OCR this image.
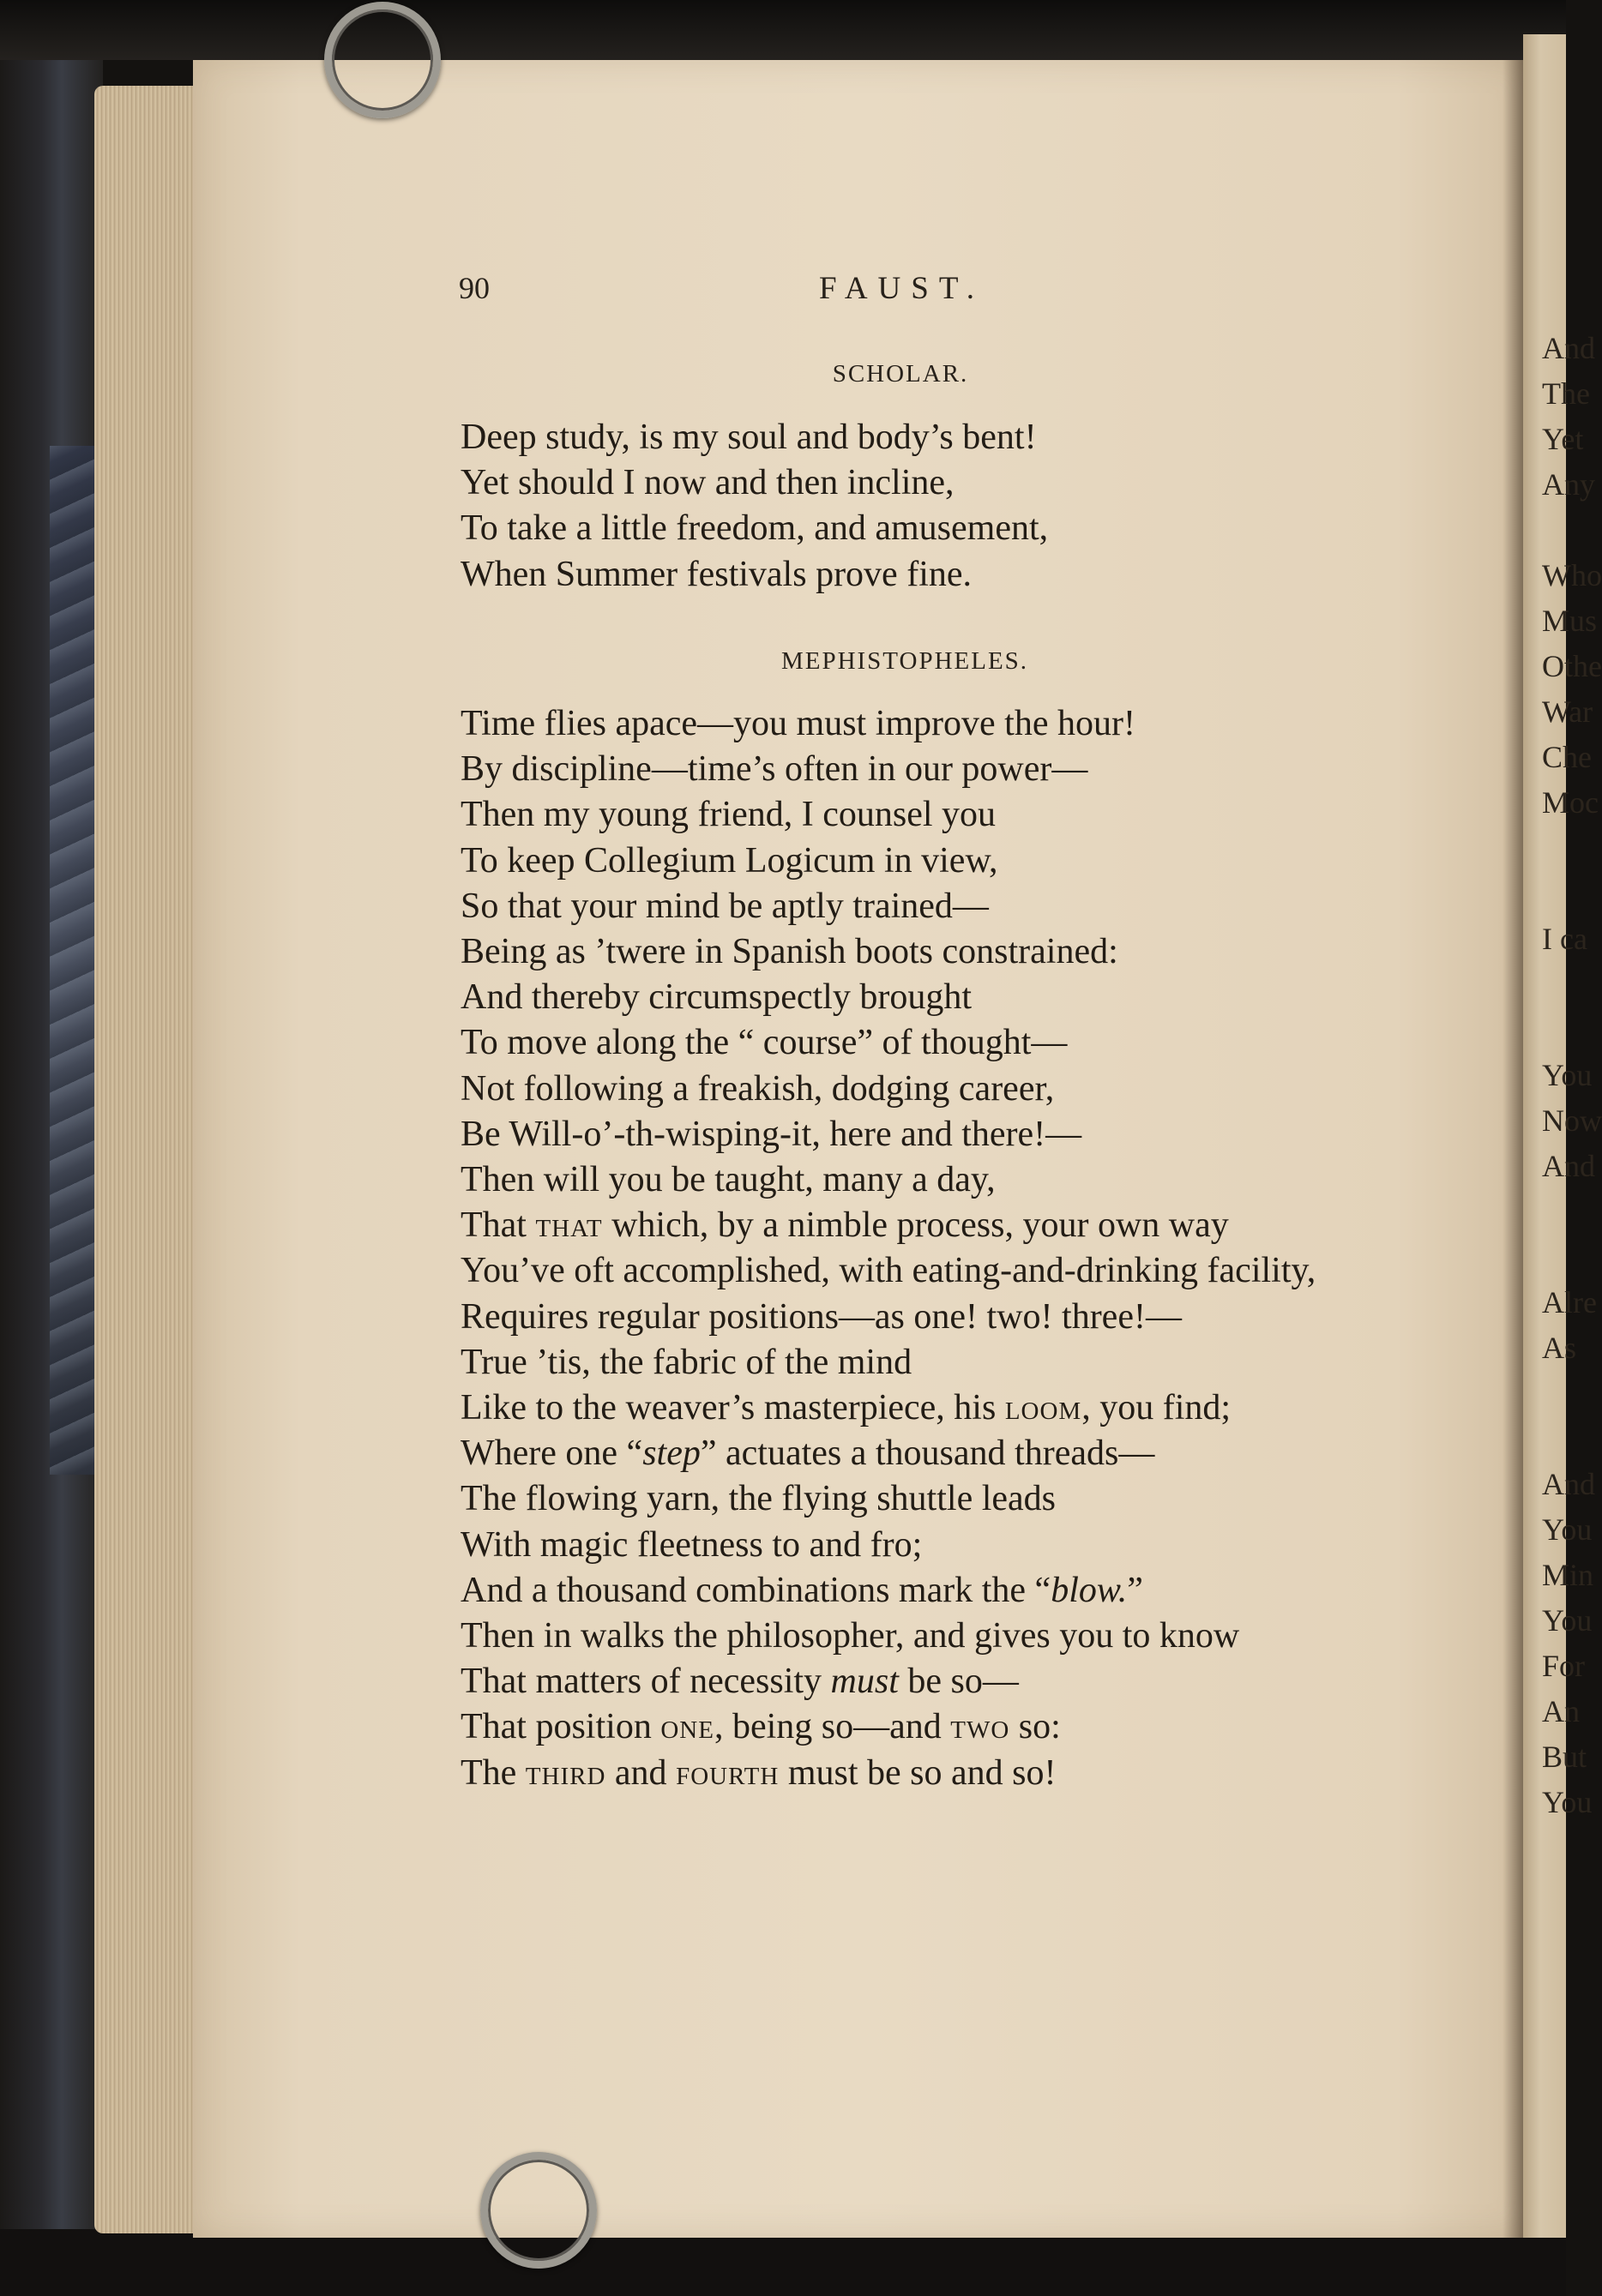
And
The
Yet
Any

Who
Mus
Othe
War
Che
Moc

I ca

You
Now
And

Alre
As

And
You
Min
You
For
An
But
You
90	FAUST.
SCHOLAR.
Deep study, is my soul and body’s bent!
Yet should I now and then incline,
To take a little freedom, and amusement,
When Summer festivals prove fine.
MEPHISTOPHELES.
Time flies apace—you must improve the hour!
By discipline—time’s often in our power—
Then my young friend, I counsel you
To keep Collegium Logicum in view,
So that your mind be aptly trained—
Being as ’twere in Spanish boots constrained:
And thereby circumspectly brought
To move along the “ course” of thought—
Not following a freakish, dodging career,
Be Will-o’-th-wisping-it, here and there!—
Then will you be taught, many a day,
That that which, by a nimble process, your own way
You’ve oft accomplished, with eating-and-drinking facility,
Requires regular positions—as one! two! three!—
True ’tis, the fabric of the mind
Like to the weaver’s masterpiece, his loom, you find;
Where one “step” actuates a thousand threads—
The flowing yarn, the flying shuttle leads
With magic fleetness to and fro;
And a thousand combinations mark the “blow.”
Then in walks the philosopher, and gives you to know
That matters of necessity must be so—
That position one, being so—and two so:
The third and fourth must be so and so!
